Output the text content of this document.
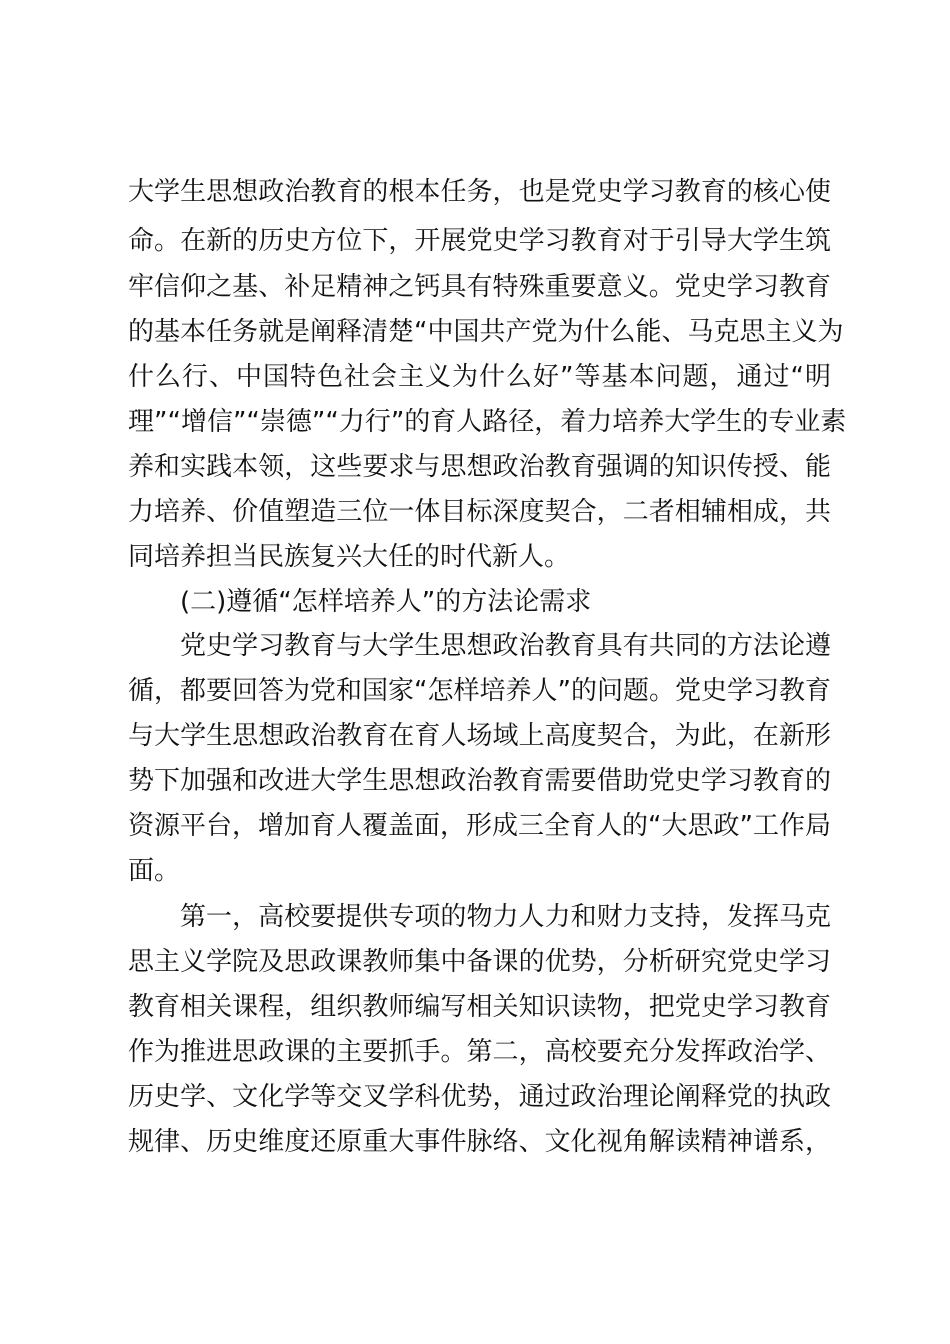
大学生思想政治教育的根本任务，也是党史学习教育的核心使
命。在新的历史方位下，开展党史学习教育对于引导大学生筑
牢信仰之基、补足精神之钙具有特殊重要意义。党史学习教育
的基本任务就是阐释清楚“中国共产党为什么能、马克思主义为
什么行、中国特色社会主义为什么好”等基本问题，通过“明
理”“增信”“崇德”“力行”的育人路径，着力培养大学生的专业素
养和实践本领，这些要求与思想政治教育强调的知识传授、能
力培养、价值塑造三位一体目标深度契合，二者相辅相成，共
同培养担当民族复兴大任的时代新人。
(二)遵循“怎样培养人”的方法论需求
党史学习教育与大学生思想政治教育具有共同的方法论遵
循，都要回答为党和国家“怎样培养人”的问题。党史学习教育
与大学生思想政治教育在育人场域上高度契合，为此，在新形
势下加强和改进大学生思想政治教育需要借助党史学习教育的
资源平台，增加育人覆盖面，形成三全育人的“大思政”工作局
面。
第一，高校要提供专项的物力人力和财力支持，发挥马克
思主义学院及思政课教师集中备课的优势，分析研究党史学习
教育相关课程，组织教师编写相关知识读物，把党史学习教育
作为推进思政课的主要抓手。第二，高校要充分发挥政治学、
历史学、文化学等交叉学科优势，通过政治理论阐释党的执政
规律、历史维度还原重大事件脉络、文化视角解读精神谱系，
